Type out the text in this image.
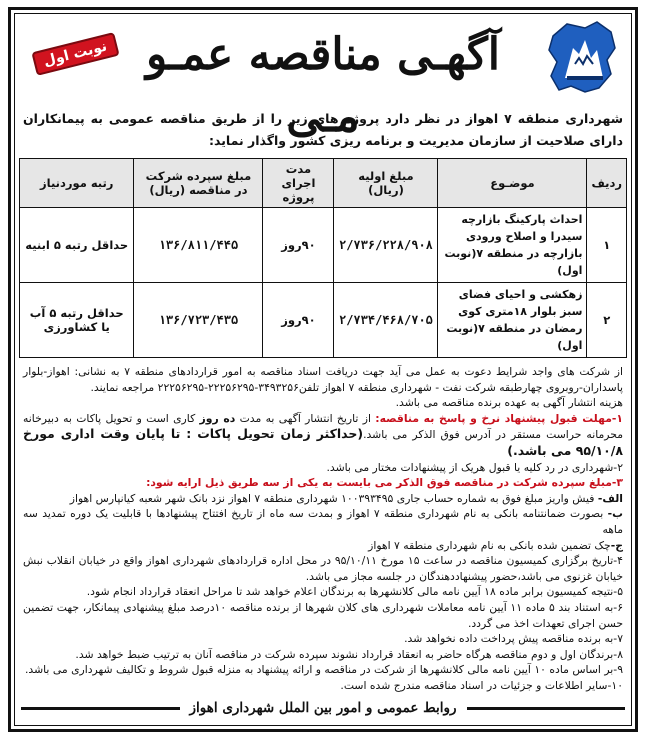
آگهـی مناقصه عمـو مـی
نوبت اول

شهرداری منطقه ۷ اهواز در نظر دارد پروژه های زیر را از طریق مناقصه عمومی به پیمانکاران دارای صلاحیت از سازمان مدیریت و برنامه ریزی کشور واگذار نماید:

ردیف	موضـوع	مبلغ اولیه (ریال)	مدت اجرای پروژه	مبلغ سپرده شرکت در مناقصه (ریال)	رتبه موردنیاز
۱	احداث پارکینگ بازارچه سیدرا و اصلاح ورودی بازارچه در منطقه ۷(نوبت اول)	۲/۷۳۶/۲۲۸/۹۰۸	۹۰روز	۱۳۶/۸۱۱/۴۴۵	حداقل رتبه ۵ ابنیه
۲	زهکشی و احیای فضای سبز بلوار ۱۸متری کوی رمضان در منطقه ۷(نوبت اول)	۲/۷۳۴/۴۶۸/۷۰۵	۹۰روز	۱۳۶/۷۲۳/۴۳۵	حداقل رتبه ۵ آب یا کشاورزی

از شرکت های واجد شرایط دعوت به عمل می آید جهت دریافت اسناد مناقصه به امور قراردادهای منطقه ۷ به نشانی: اهواز-بلوار پاسداران-روبروی چهارطبقه شرکت نفت - شهرداری منطقه ۷ اهواز تلفن۳۴۹۳۲۵۶-۲۲۲۵۶۲۹۵-۲۲۲۵۶۲۹۵ مراجعه نمایند.

هزینه انتشار آگهی به عهده برنده مناقصه می باشد.

۱-مهلت قبول پیشنهاد نرخ و پاسخ به مناقصه: از تاریخ انتشار آگهی به مدت ده روز کاری است و تحویل پاکات به دبیرخانه محرمانه حراست مستقر در آدرس فوق الذکر می باشد.(حداکثر زمان تحویل پاکات : تا پایان وقت اداری مورخ ۹۵/۱۰/۸ می باشد.)

۲-شهرداری در رد کلیه یا قبول هریک از پیشنهادات مختار می باشد.

۳-مبلغ سپرده شرکت در مناقصه فوق الذکر می بایست به یکی از سه طریق ذیل ارایه شود:

الف- فیش واریز مبلغ فوق به شماره حساب جاری ۱۰۰۳۹۳۴۹۵ شهرداری منطقه ۷ اهواز نزد بانک شهر شعبه کیانپارس اهواز

ب- بصورت ضمانتنامه بانکی به نام شهرداری منطقه ۷ اهواز و بمدت سه ماه از تاریخ افتتاح پیشنهادها با قابلیت یک دوره تمدید سه ماهه

ج-چک تضمین شده بانکی به نام شهرداری منطقه ۷ اهواز

۴-تاریخ برگزاری کمیسیون مناقصه در ساعت ۱۵ مورخ ۹۵/۱۰/۱۱ در محل اداره قراردادهای شهرداری اهواز واقع در خیابان انقلاب نبش خیابان غزنوی می باشد،حضور پیشنهاددهندگان در جلسه مجاز می باشد.

۵-نتیجه کمیسیون برابر ماده ۱۸ آیین نامه مالی کلانشهرها به برندگان اعلام خواهد شد تا مراحل انعقاد قرارداد انجام شود.

۶-به استناد بند ۵ ماده ۱۱ آیین نامه معاملات شهرداری های کلان شهرها از برنده مناقصه ۱۰درصد مبلغ پیشنهادی پیمانکار، جهت تضمین حسن اجرای تعهدات اخذ می گردد.

۷-به برنده مناقصه پیش پرداخت داده نخواهد شد.

۸-برندگان اول و دوم مناقصه هرگاه حاضر به انعقاد قرارداد نشوند سپرده شرکت در مناقصه آنان به ترتیب ضبط خواهد شد.

۹-بر اساس ماده ۱۰ آیین نامه مالی کلانشهرها از شرکت در مناقصه و ارائه پیشنهاد به منزله قبول شروط و تکالیف شهرداری می باشد.

۱۰-سایر اطلاعات و جزئیات در اسناد مناقصه مندرج شده است.

روابط عمومی و امور بین الملل شهرداری اهواز
